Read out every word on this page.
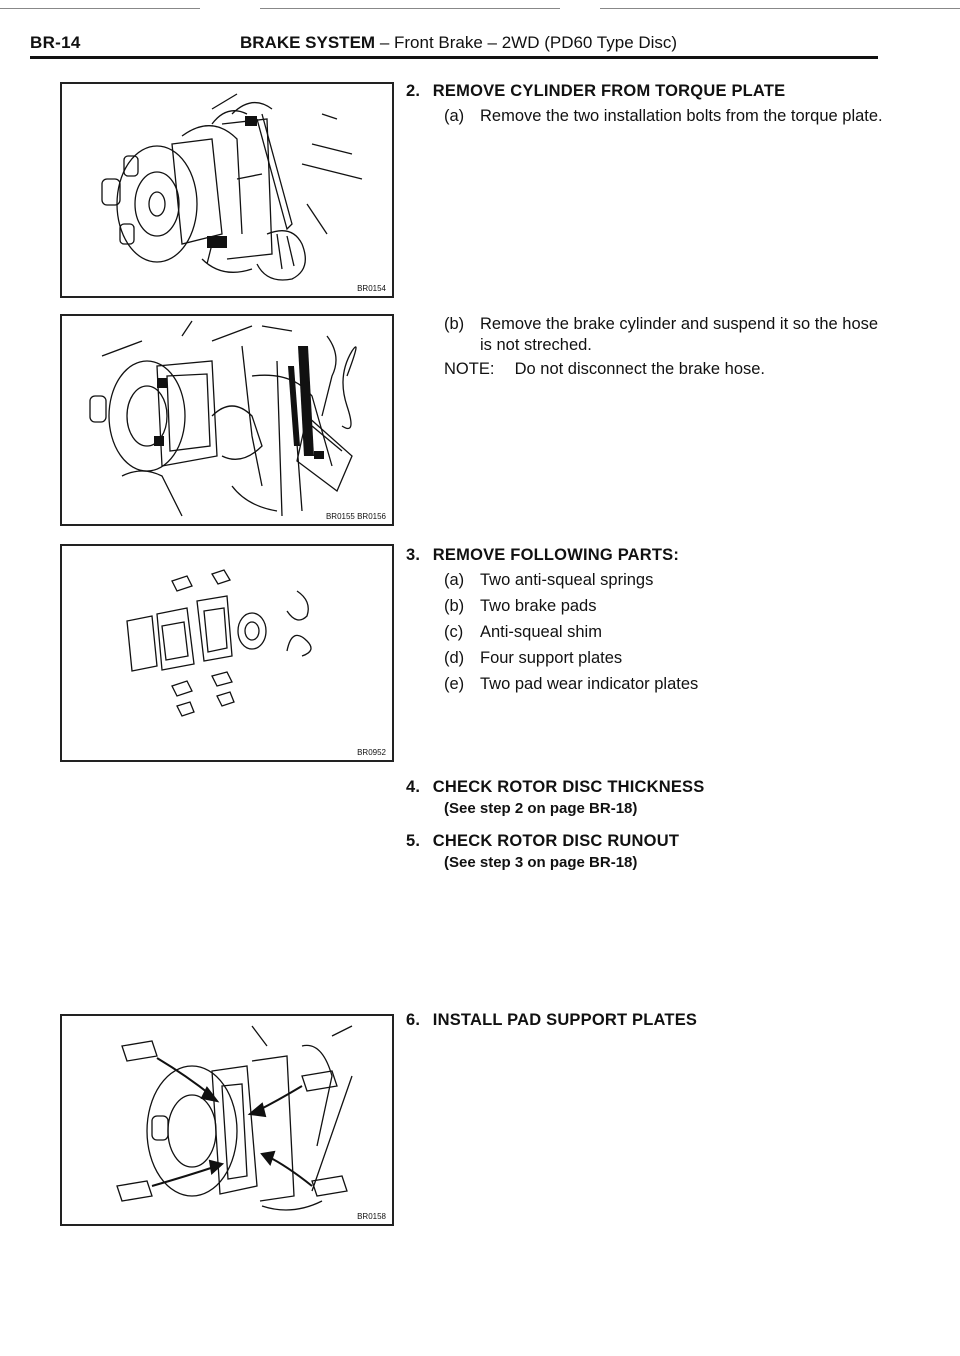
BR-14	BRAKE SYSTEM – Front Brake – 2WD (PD60 Type Disc)
BR0154
BR0155 BR0156
BR0952
BR0158
2. REMOVE CYLINDER FROM TORQUE PLATE
(a) Remove the two installation bolts from the torque plate.
(b) Remove the brake cylinder and suspend it so the hose is not streched.
NOTE: Do not disconnect the brake hose.
3. REMOVE FOLLOWING PARTS:
(a) Two anti-squeal springs
(b) Two brake pads
(c)	Anti-squeal shim
(d) Four support plates
(e) Two pad wear indicator plates
4. CHECK ROTOR DISC THICKNESS
(See step 2 on page BR-18)
5. CHECK ROTOR DISC RUNOUT
(See step 3 on page BR-18)
6. INSTALL PAD SUPPORT PLATES
